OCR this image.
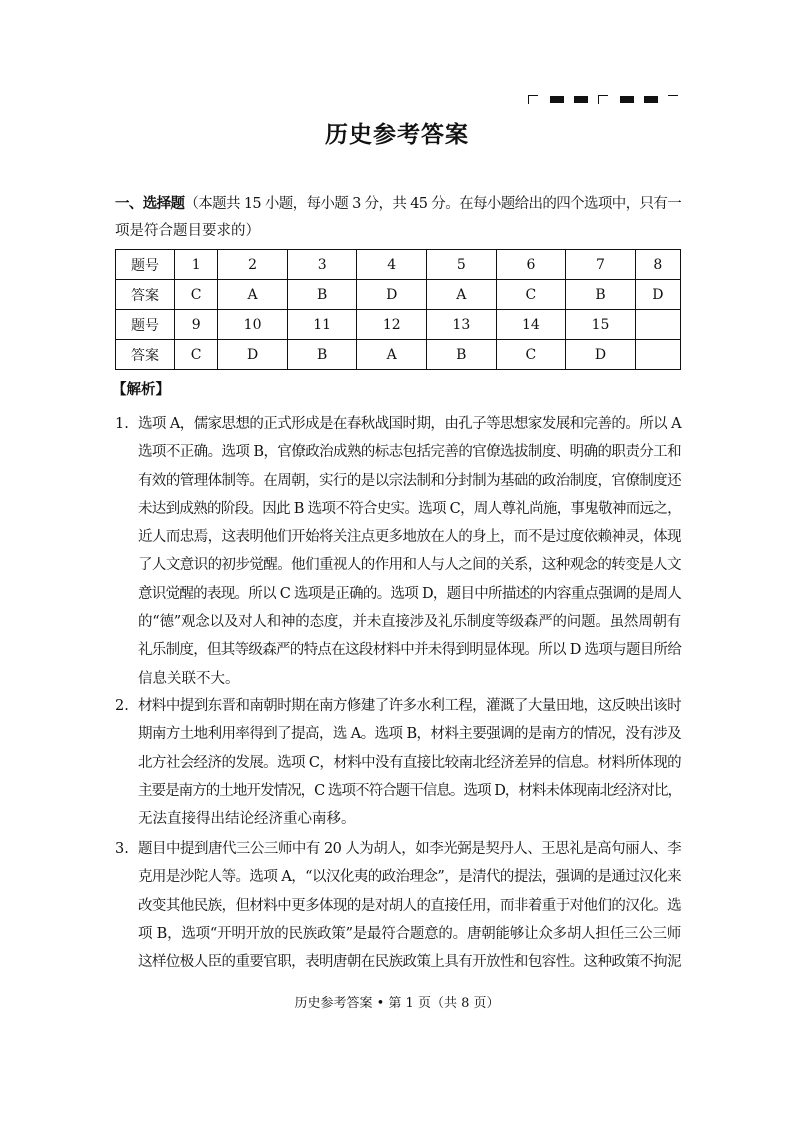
历史参考答案
一、选择题（本题共 15 小题，每小题 3 分，共 45 分。在每小题给出的四个选项中，只有一
项是符合题目要求的）
题号	1	2	3	4	5	6	7	8
答案	C	A	B	D	A	C	B	D
题号	9	10	11	12	13	14	15	
答案	C	D	B	A	B	C	D	
【解析】
1. 选项 A，儒家思想的正式形成是在春秋战国时期，由孔子等思想家发展和完善的。所以 A
选项不正确。选项 B，官僚政治成熟的标志包括完善的官僚选拔制度、明确的职责分工和
有效的管理体制等。在周朝，实行的是以宗法制和分封制为基础的政治制度，官僚制度还
未达到成熟的阶段。因此 B 选项不符合史实。选项 C，周人尊礼尚施，事鬼敬神而远之，
近人而忠焉，这表明他们开始将关注点更多地放在人的身上，而不是过度依赖神灵，体现
了人文意识的初步觉醒。他们重视人的作用和人与人之间的关系，这种观念的转变是人文
意识觉醒的表现。所以 C 选项是正确的。选项 D，题目中所描述的内容重点强调的是周人
的“德”观念以及对人和神的态度，并未直接涉及礼乐制度等级森严的问题。虽然周朝有
礼乐制度，但其等级森严的特点在这段材料中并未得到明显体现。所以 D 选项与题目所给
信息关联不大。
2. 材料中提到东晋和南朝时期在南方修建了许多水利工程，灌溉了大量田地，这反映出该时
期南方土地利用率得到了提高，选 A。选项 B，材料主要强调的是南方的情况，没有涉及
北方社会经济的发展。选项 C，材料中没有直接比较南北经济差异的信息。材料所体现的
主要是南方的土地开发情况，C 选项不符合题干信息。选项 D，材料未体现南北经济对比，
无法直接得出结论经济重心南移。
3. 题目中提到唐代三公三师中有 20 人为胡人，如李光弼是契丹人、王思礼是高句丽人、李
克用是沙陀人等。选项 A，“以汉化夷的政治理念”，是清代的提法，强调的是通过汉化来
改变其他民族，但材料中更多体现的是对胡人的直接任用，而非着重于对他们的汉化。选
项 B，选项“开明开放的民族政策”是最符合题意的。唐朝能够让众多胡人担任三公三师
这样位极人臣的重要官职，表明唐朝在民族政策上具有开放性和包容性。这种政策不拘泥
历史参考答案 • 第 1 页（共 8 页）
